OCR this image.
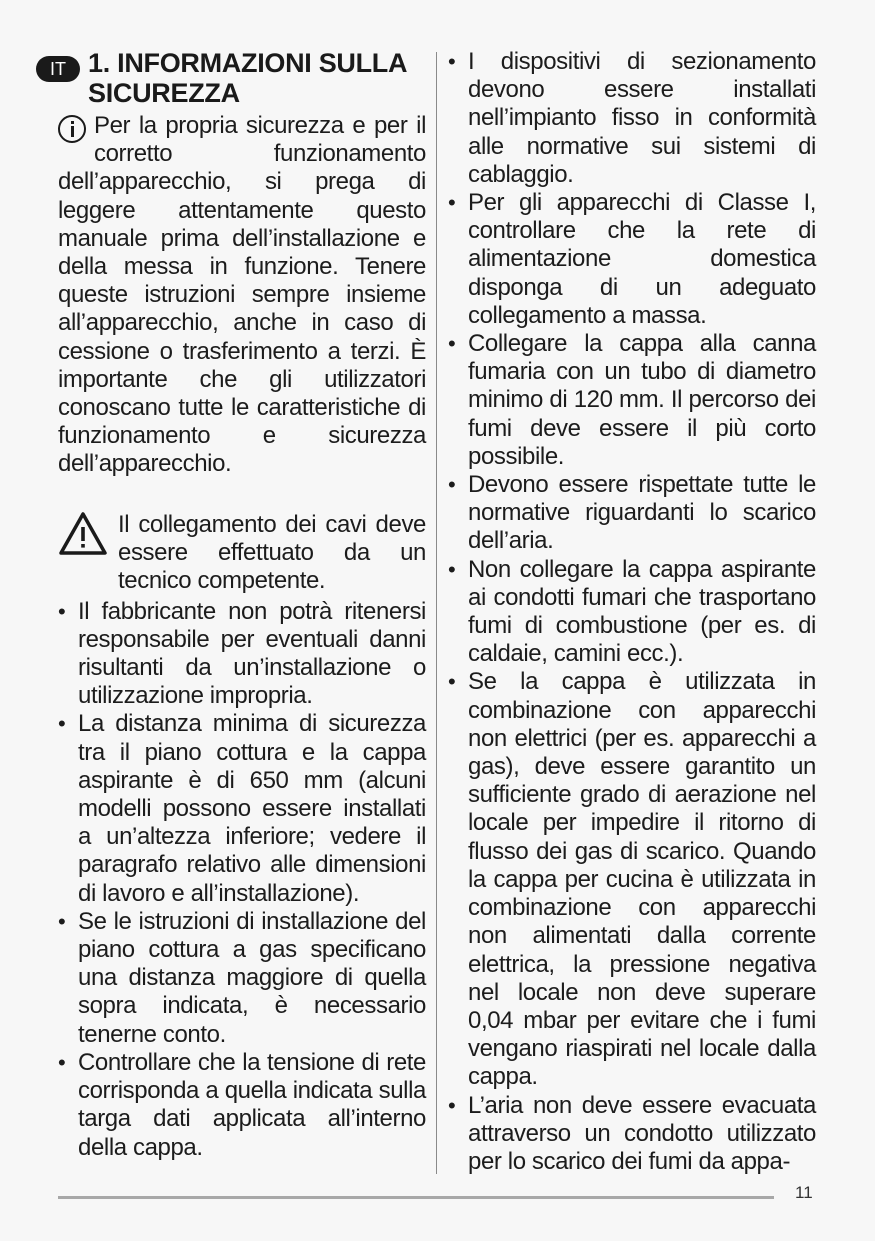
IT 1. INFORMAZIONI SULLA SICUREZZA

Per la propria sicurezza e per il corretto funzionamento dell’apparecchio, si prega di leggere attentamente questo manuale prima dell’installazione e della messa in funzione. Tenere queste istruzioni sempre insieme all’apparecchio, anche in caso di cessione o trasferimento a terzi. È importante che gli utilizzatori conoscano tutte le caratteristiche di funzionamento e sicurezza dell’apparecchio.

Il collegamento dei cavi deve essere effettuato da un tecnico competente.

• Il fabbricante non potrà ritenersi responsabile per eventuali danni risultanti da un’installazione o utilizzazione impropria.
• La distanza minima di sicurezza tra il piano cottura e la cappa aspirante è di 650 mm (alcuni modelli possono essere installati a un’altezza inferiore; vedere il paragrafo relativo alle dimensioni di lavoro e all’installazione).
• Se le istruzioni di installazione del piano cottura a gas specificano una distanza maggiore di quella sopra indicata, è necessario tenerne conto.
• Controllare che la tensione di rete corrisponda a quella indicata sulla targa dati applicata all’interno della cappa.
• I dispositivi di sezionamento devono essere installati nell’impianto fisso in conformità alle normative sui sistemi di cablaggio.
• Per gli apparecchi di Classe I, controllare che la rete di alimentazione domestica disponga di un adeguato collegamento a massa.
• Collegare la cappa alla canna fumaria con un tubo di diametro minimo di 120 mm. Il percorso dei fumi deve essere il più corto possibile.
• Devono essere rispettate tutte le normative riguardanti lo scarico dell’aria.
• Non collegare la cappa aspirante ai condotti fumari che trasportano fumi di combustione (per es. di caldaie, camini ecc.).
• Se la cappa è utilizzata in combinazione con apparecchi non elettrici (per es. apparecchi a gas), deve essere garantito un sufficiente grado di aerazione nel locale per impedire il ritorno di flusso dei gas di scarico. Quando la cappa per cucina è utilizzata in combinazione con apparecchi non alimentati dalla corrente elettrica, la pressione negativa nel locale non deve superare 0,04 mbar per evitare che i fumi vengano riaspirati nel locale dalla cappa.
• L’aria non deve essere evacuata attraverso un condotto utilizzato per lo scarico dei fumi da appa-
11
